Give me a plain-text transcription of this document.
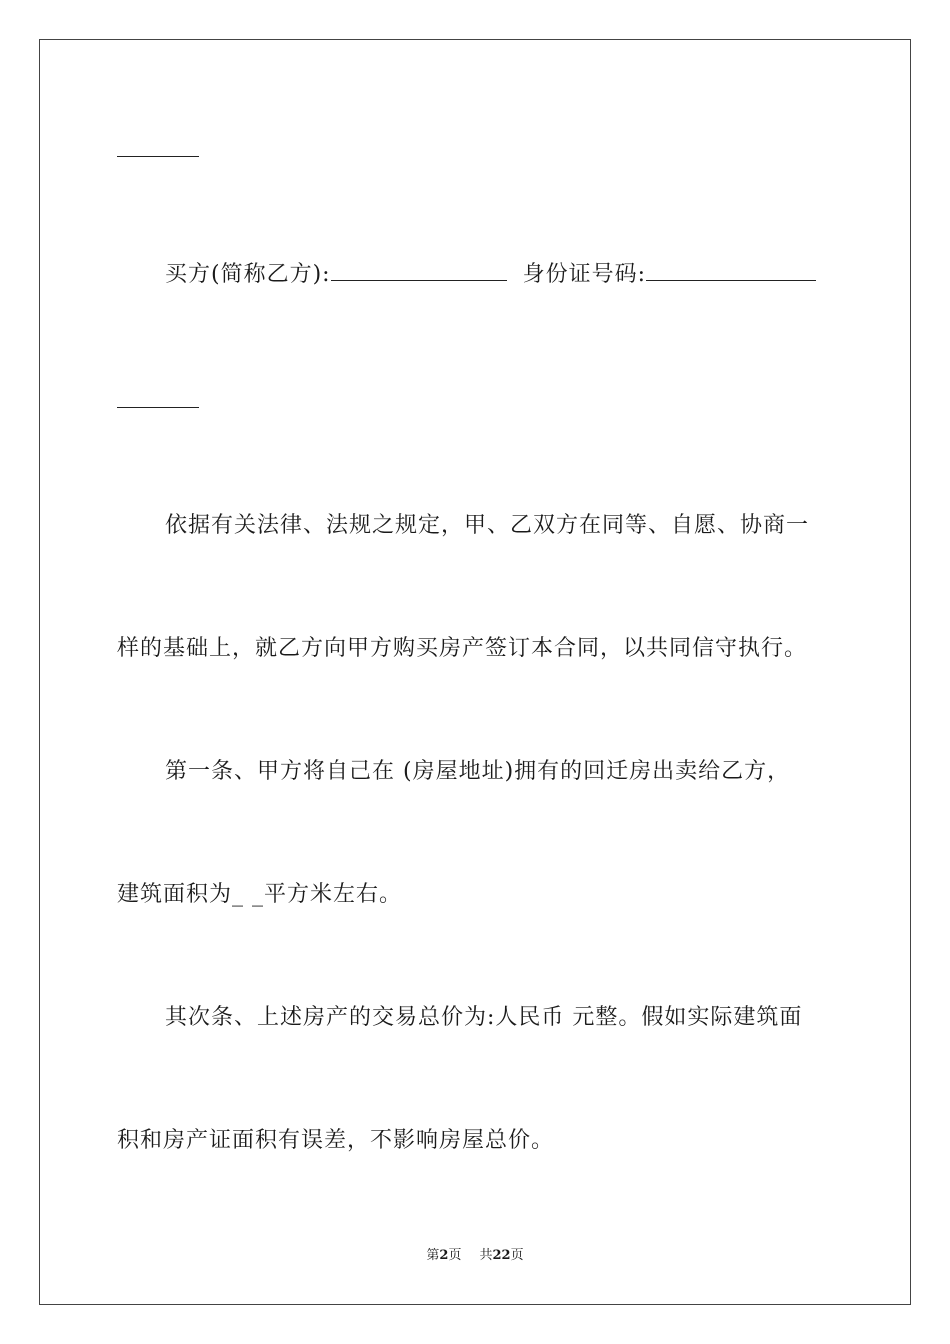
买方(简称乙方):	身份证号码:
依据有关法律、法规之规定，甲、乙双方在同等、自愿、协商一
样的基础上，就乙方向甲方购买房产签订本合同，以共同信守执行。
第一条、甲方将自己在 (房屋地址)拥有的回迁房出卖给乙方，
建筑面积为_ _平方米左右。
其次条、上述房产的交易总价为:人民币 元整。假如实际建筑面
积和房产证面积有误差，不影响房屋总价。
第2页 共22页
